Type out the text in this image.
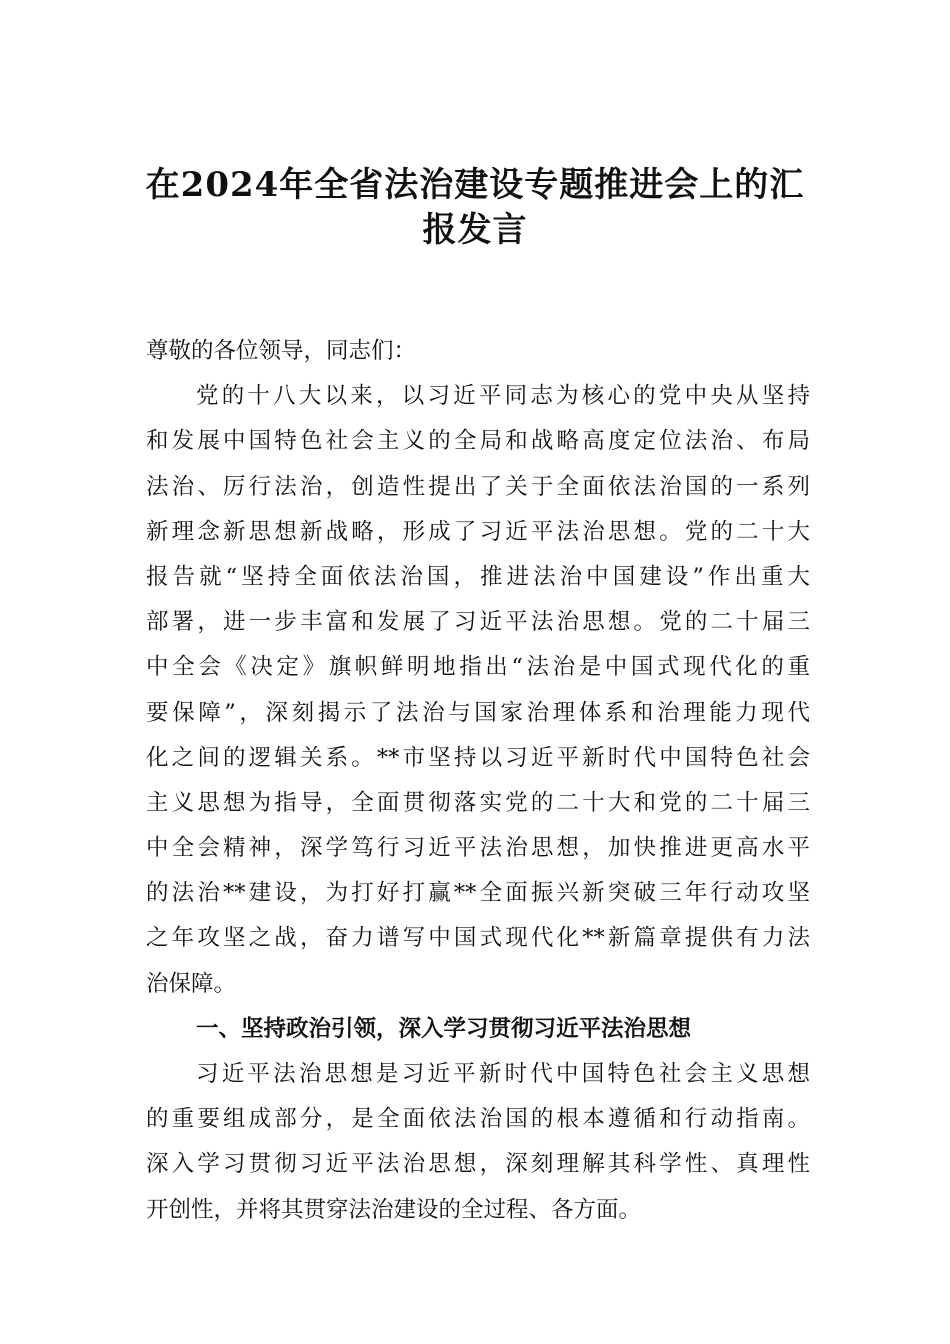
在2024年全省法治建设专题推进会上的汇
报发言
尊敬的各位领导，同志们：
党的十八大以来，以习近平同志为核心的党中央从坚持
和发展中国特色社会主义的全局和战略高度定位法治、布局
法治、厉行法治，创造性提出了关于全面依法治国的一系列
新理念新思想新战略，形成了习近平法治思想。党的二十大
报告就“坚持全面依法治国，推进法治中国建设”作出重大
部署，进一步丰富和发展了习近平法治思想。党的二十届三
中全会《决定》旗帜鲜明地指出“法治是中国式现代化的重
要保障”，深刻揭示了法治与国家治理体系和治理能力现代
化之间的逻辑关系。**市坚持以习近平新时代中国特色社会
主义思想为指导，全面贯彻落实党的二十大和党的二十届三
中全会精神，深学笃行习近平法治思想，加快推进更高水平
的法治**建设，为打好打赢**全面振兴新突破三年行动攻坚
之年攻坚之战，奋力谱写中国式现代化**新篇章提供有力法
治保障。
一、坚持政治引领，深入学习贯彻习近平法治思想
习近平法治思想是习近平新时代中国特色社会主义思想
的重要组成部分，是全面依法治国的根本遵循和行动指南。
深入学习贯彻习近平法治思想，深刻理解其科学性、真理性
开创性，并将其贯穿法治建设的全过程、各方面。
